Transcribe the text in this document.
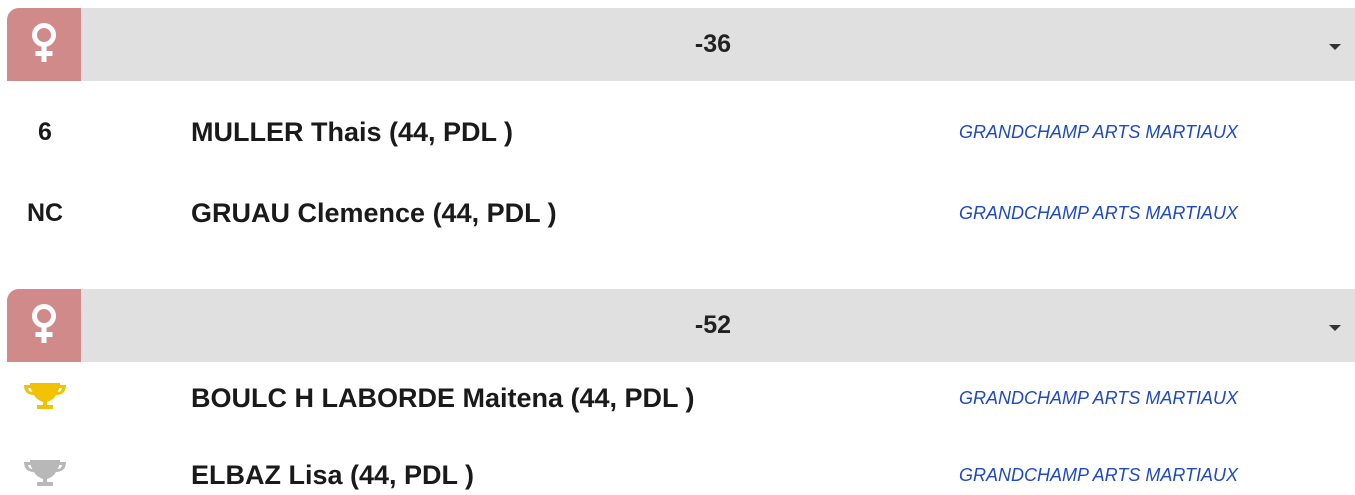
-36
6	MULLER Thais (44, PDL )	GRANDCHAMP ARTS MARTIAUX
NC	GRUAU Clemence (44, PDL )	GRANDCHAMP ARTS MARTIAUX
-52
BOULC H LABORDE Maitena (44, PDL )	GRANDCHAMP ARTS MARTIAUX
ELBAZ Lisa (44, PDL )	GRANDCHAMP ARTS MARTIAUX
